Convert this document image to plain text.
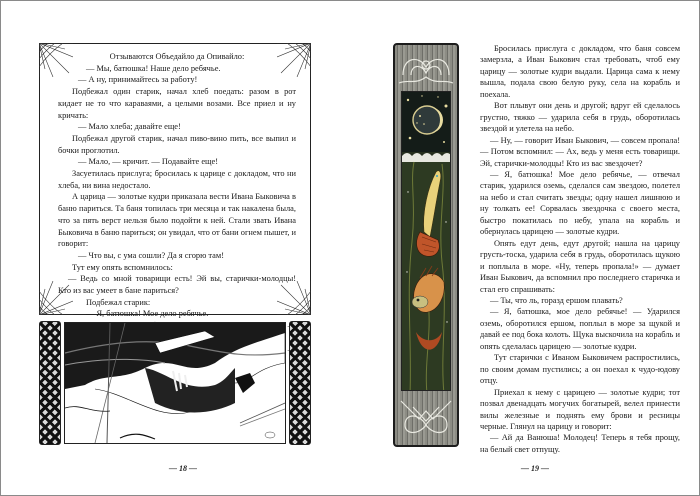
Отзываются Объедайло да Опивайло:

— Мы, батюшка! Наше дело ребячье.

— А ну, принимайтесь за работу!

Подбежал один старик, начал хлеб поедать: разом в рот кидает не то что караваями, а целыми возами. Все приел и ну кричать:

— Мало хлеба; давайте еще!

Подбежал другой старик, начал пиво-вино пить, все выпил и бочки проглотил.

— Мало, — кричит. — Подавайте еще!

Засуетилась прислуга; бросилась к царице с докладом, что ни хлеба, ни вина недостало.

А царица — золотые кудри приказала вести Ивана Быковича в баню париться. Та баня топилась три месяца и так накалена была, что за пять верст нельзя было подойти к ней. Стали звать Ивана Быковича в баню париться; он увидал, что от бани огнем пышет, и говорит:

— Что вы, с ума сошли? Да я сгорю там!

Тут ему опять вспомнилось:

— Ведь со мной товарищи есть! Эй вы, старички-молодцы! Кто из вас умеет в бане париться?

Подбежал старик:

— Я, батюшка! Мое дело ребячье.

— 18 —

Бросилась прислуга с докладом, что баня совсем замерзла, а Иван Быкович стал требовать, чтоб ему царицу — золотые кудри выдали. Царица сама к нему вышла, подала свою белую руку, села на корабль и поехала.

Вот плывут они день и другой; вдруг ей сделалось грустно, тяжко — ударила себя в грудь, оборотилась звездой и улетела на небо.

— Ну, — говорит Иван Быкович, — совсем пропала! — Потом вспомнил: — Ах, ведь у меня есть товарищи. Эй, старички-молодцы! Кто из вас звездочет?

— Я, батюшка! Мое дело ребячье, — отвечал старик, ударился оземь, сделался сам звездою, полетел на небо и стал считать звезды; одну нашел лишнюю и ну толкать ее! Сорвалась звездочка с своего места, быстро покатилась по небу, упала на корабль и обернулась царицею — золотые кудри.

Опять едут день, едут другой; нашла на царицу грусть-тоска, ударила себя в грудь, оборотилась щукою и поплыла в море. «Ну, теперь пропала!» — думает Иван Быкович, да вспомнил про последнего старичка и стал его спрашивать:

— Ты, что ль, горазд ершом плавать?

— Я, батюшка, мое дело ребячье! — Ударился оземь, оборотился ершом, поплыл в море за щукой и давай ее под бока колоть. Щука выскочила на корабль и опять сделалась царицею — золотые кудри.

Тут старички с Иваном Быковичем распростились, по своим домам пустились; а он поехал к чудо-юдову отцу.

Приехал к нему с царицею — золотые кудри; тот позвал двенадцать могучих богатырей, велел принести вилы железные и поднять ему брови и ресницы черные. Глянул на царицу и говорит:

— Ай да Ванюша! Молодец! Теперь я тебя прощу, на белый свет отпущу.

— 19 —
